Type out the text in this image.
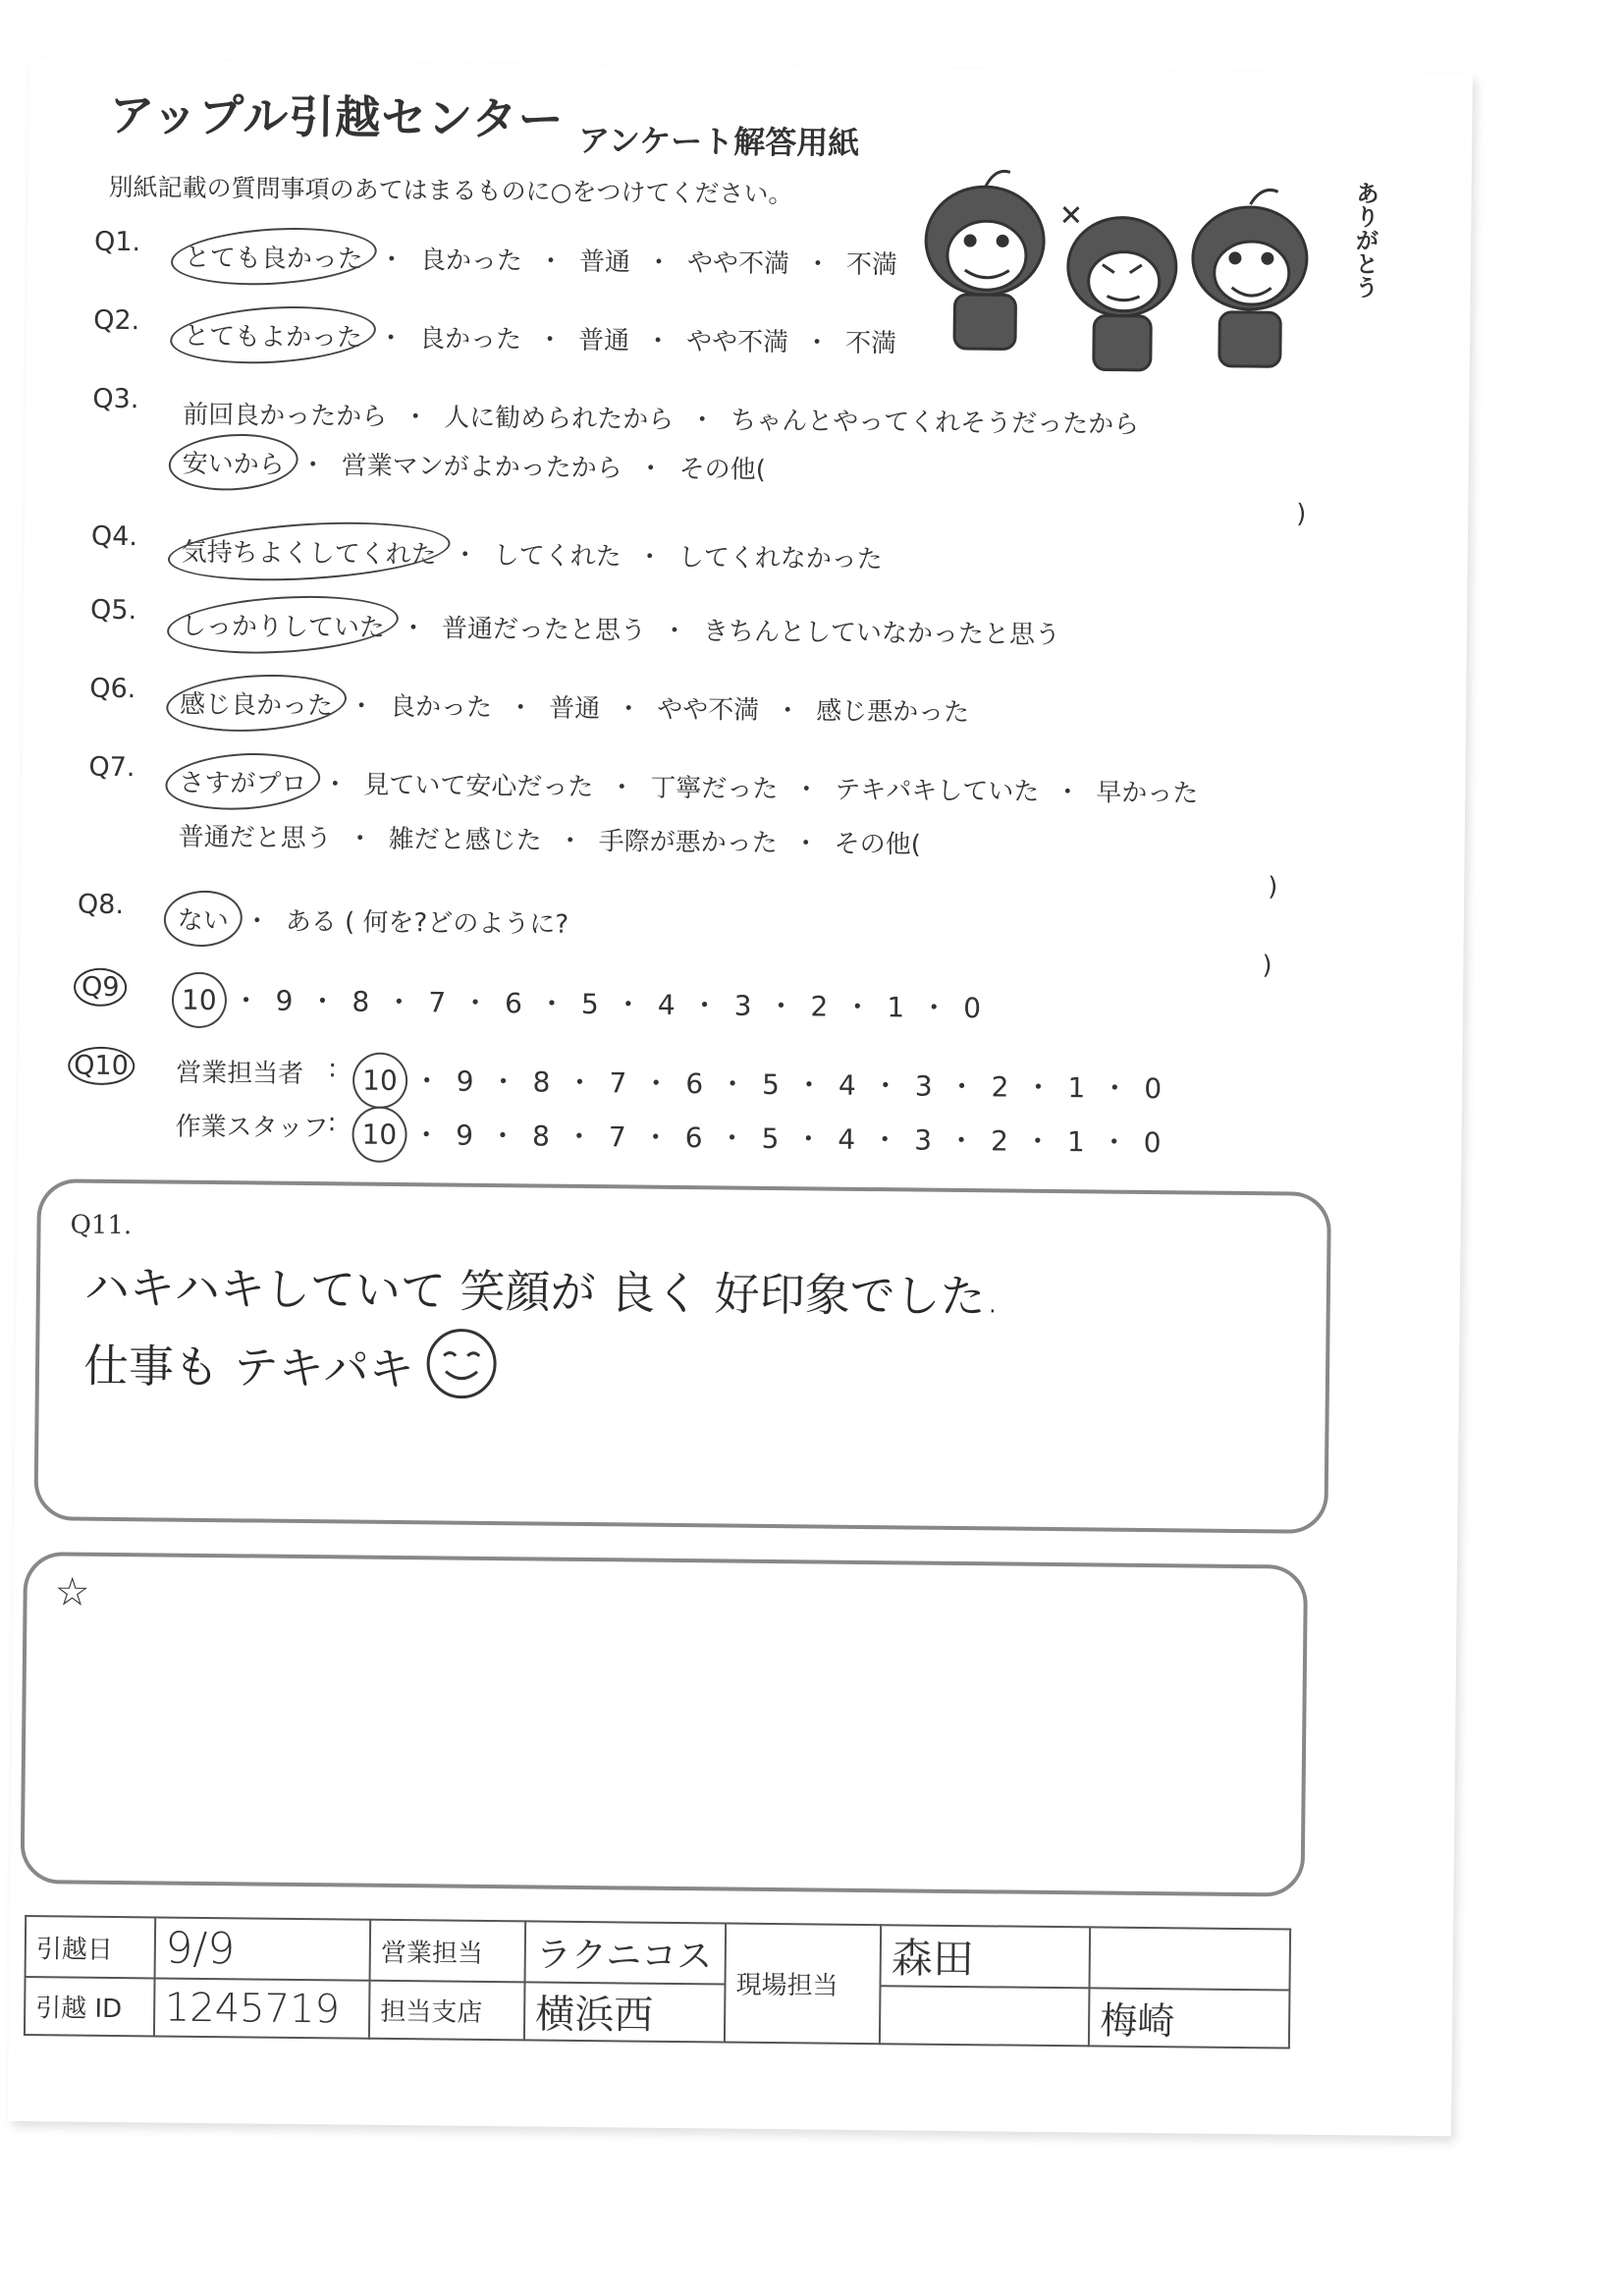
アップル引越センター アンケート解答用紙
別紙記載の質問事項のあてはまるものに○をつけてください。	ありがとう
Q1.
とても良かった ・ 良かった ・ 普通 ・ やや不満 ・ 不満
Q2.
とてもよかった ・ 良かった ・ 普通 ・ やや不満 ・ 不満
Q3.
前回良かったから ・ 人に勧められたから ・ ちゃんとやってくれそうだったから
安いから ・ 営業マンがよかったから ・ その他(
)
Q4.
気持ちよくしてくれた ・ してくれた ・ してくれなかった
Q5.
しっかりしていた ・ 普通だったと思う ・ きちんとしていなかったと思う
Q6.
感じ良かった ・ 良かった ・ 普通 ・ やや不満 ・ 感じ悪かった
Q7.
さすがプロ ・ 見ていて安心だった ・ 丁寧だった ・ テキパキしていた ・ 早かった
普通だと思う ・ 雑だと感じた ・ 手際が悪かった ・ その他(
)
Q8.
ない ・ ある ( 何を?どのように?
)
Q9 10 ・ 9 ・ 8 ・ 7 ・ 6 ・ 5 ・ 4 ・ 3 ・ 2 ・ 1 ・ 0
Q10 営業担当者 : 10 ・ 9 ・ 8 ・ 7 ・ 6 ・ 5 ・ 4 ・ 3 ・ 2 ・ 1 ・ 0
作業スタッフ
: 10 ・ 9 ・ 8 ・ 7 ・ 6 ・ 5 ・ 4 ・ 3 ・ 2 ・ 1 ・ 0
Q11.
ハキハキしていて 笑顔が 良く 好印象でした.
仕事も テキパキ
☆
引越日	9/9	営業担当	ラクニコス	現場担当	森田	
引越 ID	1245719	担当支店	横浜西			梅崎
